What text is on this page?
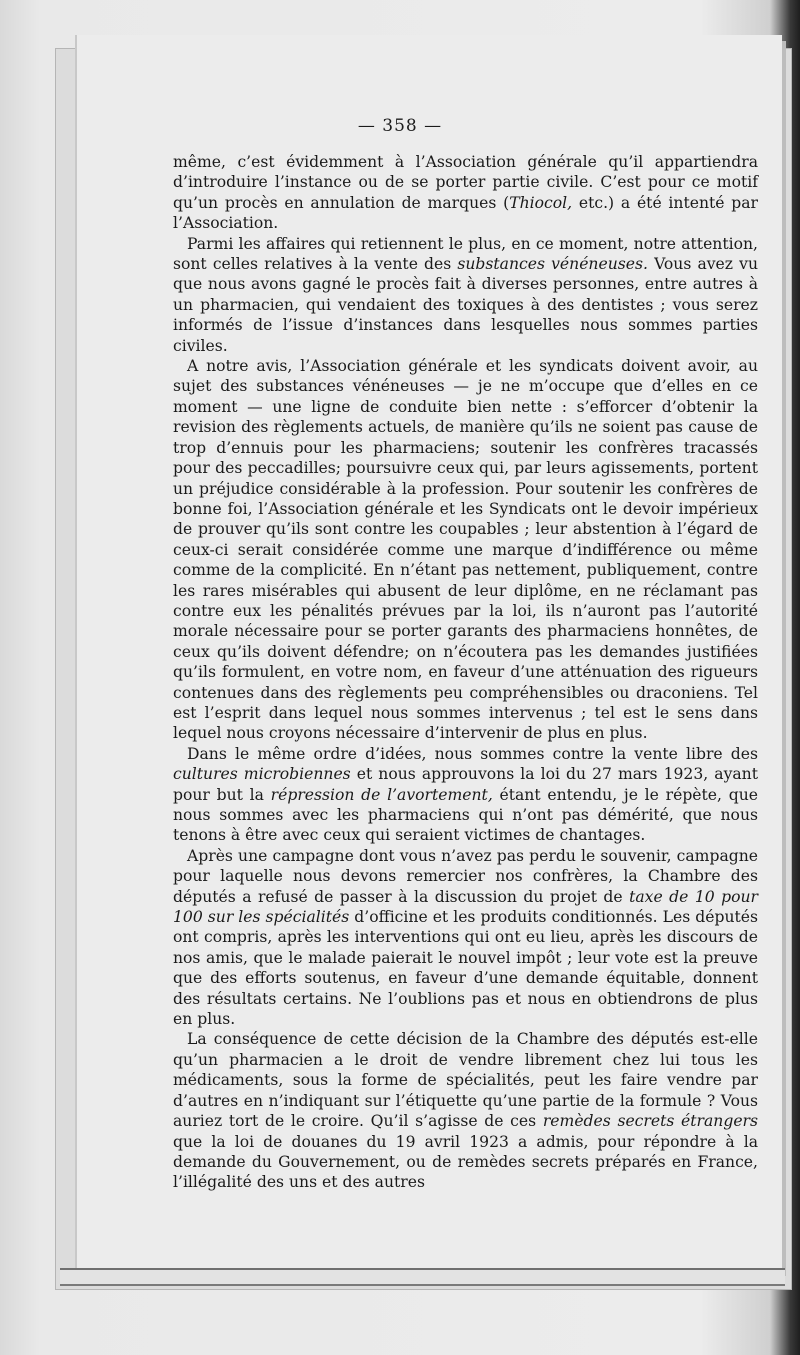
— 358 —

même, c’est évidemment à l’Association générale qu’il appartiendra d’introduire l’instance ou de se porter partie civile. C’est pour ce motif qu’un procès en annulation de marques (Thiocol, etc.) a été intenté par l’Association.

Parmi les affaires qui retiennent le plus, en ce moment, notre attention, sont celles relatives à la vente des substances vénéneuses. Vous avez vu que nous avons gagné le procès fait à diverses personnes, entre autres à un pharmacien, qui vendaient des toxiques à des dentistes ; vous serez informés de l’issue d’instances dans lesquelles nous sommes parties civiles.

A notre avis, l’Association générale et les syndicats doivent avoir, au sujet des substances vénéneuses — je ne m’occupe que d’elles en ce moment — une ligne de conduite bien nette : s’efforcer d’obtenir la revision des règlements actuels, de manière qu’ils ne soient pas cause de trop d’ennuis pour les pharmaciens; soutenir les confrères tracassés pour des peccadilles; poursuivre ceux qui, par leurs agissements, portent un préjudice considérable à la profession. Pour soutenir les confrères de bonne foi, l’Association générale et les Syndicats ont le devoir impérieux de prouver qu’ils sont contre les coupables ; leur abstention à l’égard de ceux-ci serait considérée comme une marque d’indifférence ou même comme de la complicité. En n’étant pas nettement, publiquement, contre les rares misérables qui abusent de leur diplôme, en ne réclamant pas contre eux les pénalités prévues par la loi, ils n’auront pas l’autorité morale nécessaire pour se porter garants des pharmaciens honnêtes, de ceux qu’ils doivent défendre; on n’écoutera pas les demandes justifiées qu’ils formulent, en votre nom, en faveur d’une atténuation des rigueurs contenues dans des règlements peu compréhensibles ou draconiens. Tel est l’esprit dans lequel nous sommes intervenus ; tel est le sens dans lequel nous croyons nécessaire d’intervenir de plus en plus.

Dans le même ordre d’idées, nous sommes contre la vente libre des cultures microbiennes et nous approuvons la loi du 27 mars 1923, ayant pour but la répression de l’avortement, étant entendu, je le répète, que nous sommes avec les pharmaciens qui n’ont pas démérité, que nous tenons à être avec ceux qui seraient victimes de chantages.

Après une campagne dont vous n’avez pas perdu le souvenir, campagne pour laquelle nous devons remercier nos confrères, la Chambre des députés a refusé de passer à la discussion du projet de taxe de 10 pour 100 sur les spécialités d’officine et les produits conditionnés. Les députés ont compris, après les interventions qui ont eu lieu, après les discours de nos amis, que le malade paierait le nouvel impôt ; leur vote est la preuve que des efforts soutenus, en faveur d’une demande équitable, donnent des résultats certains. Ne l’oublions pas et nous en obtiendrons de plus en plus.

La conséquence de cette décision de la Chambre des députés est-elle qu’un pharmacien a le droit de vendre librement chez lui tous les médicaments, sous la forme de spécialités, peut les faire vendre par d’autres en n’indiquant sur l’étiquette qu’une partie de la formule ? Vous auriez tort de le croire. Qu’il s’agisse de ces remèdes secrets étrangers que la loi de douanes du 19 avril 1923 a admis, pour répondre à la demande du Gouvernement, ou de remèdes secrets préparés en France, l’illégalité des uns et des autres
